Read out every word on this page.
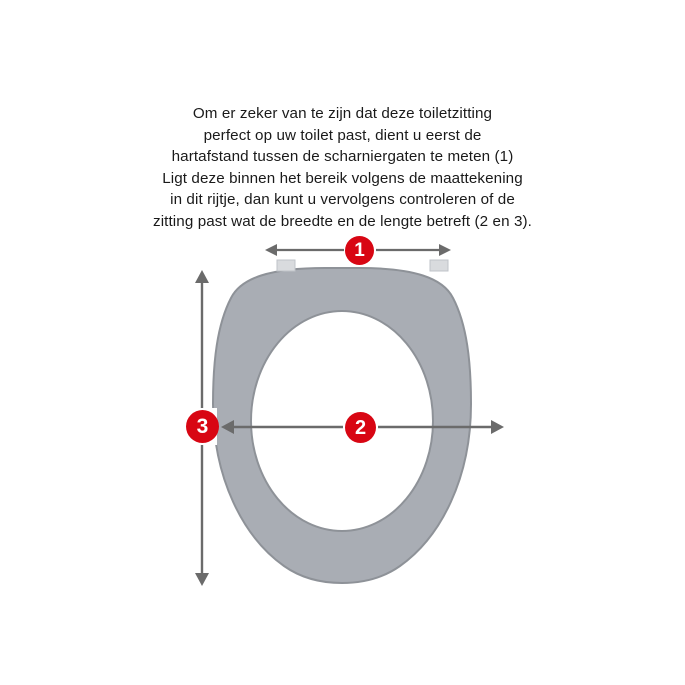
Om er zeker van te zijn dat deze toiletzitting
perfect op uw toilet past, dient u eerst de
hartafstand tussen de scharniergaten te meten (1)
Ligt deze binnen het bereik volgens de maattekening
in dit rijtje, dan kunt u vervolgens controleren of de
zitting past wat de breedte en de lengte betreft (2 en 3).
1
2
3
